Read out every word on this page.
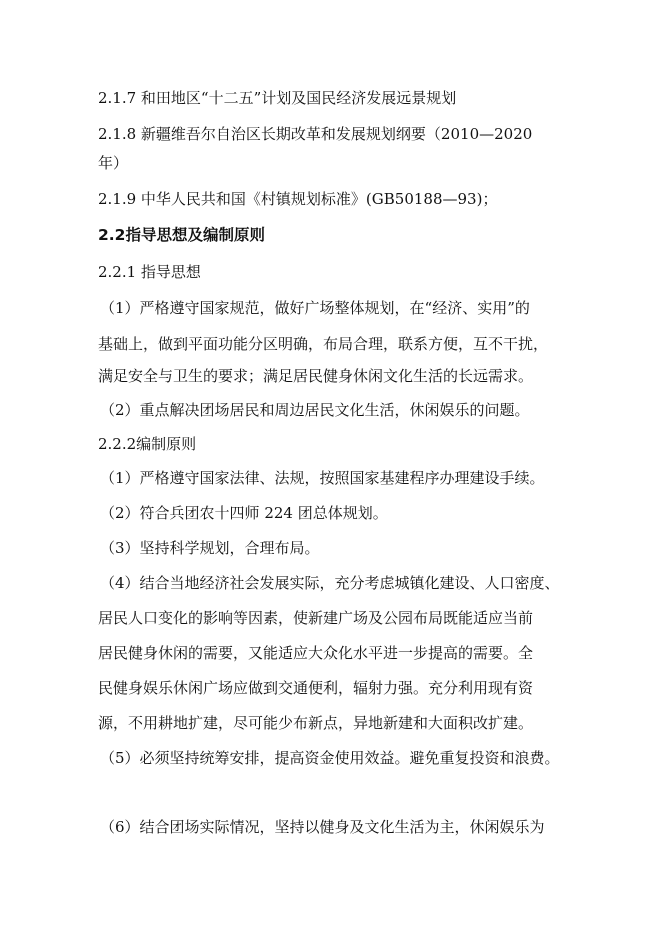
2.1.7 和田地区“十二五”计划及国民经济发展远景规划
2.1.8 新疆维吾尔自治区长期改革和发展规划纲要（2010—2020
年）
2.1.9 中华人民共和国《村镇规划标准》(GB50188—93)；
2.2指导思想及编制原则
2.2.1 指导思想
（1）严格遵守国家规范，做好广场整体规划，在“经济、实用”的
基础上，做到平面功能分区明确，布局合理，联系方便，互不干扰，
满足安全与卫生的要求；满足居民健身休闲文化生活的长远需求。
（2）重点解决团场居民和周边居民文化生活，休闲娱乐的问题。
2.2.2编制原则
（1）严格遵守国家法律、法规，按照国家基建程序办理建设手续。
（2）符合兵团农十四师 224 团总体规划。
（3）坚持科学规划，合理布局。
（4）结合当地经济社会发展实际，充分考虑城镇化建设、人口密度、
居民人口变化的影响等因素，使新建广场及公园布局既能适应当前
居民健身休闲的需要，又能适应大众化水平进一步提高的需要。全
民健身娱乐休闲广场应做到交通便利，辐射力强。充分利用现有资
源，不用耕地扩建，尽可能少布新点，异地新建和大面积改扩建。
（5）必须坚持统筹安排，提高资金使用效益。避免重复投资和浪费。
（6）结合团场实际情况，坚持以健身及文化生活为主，休闲娱乐为
